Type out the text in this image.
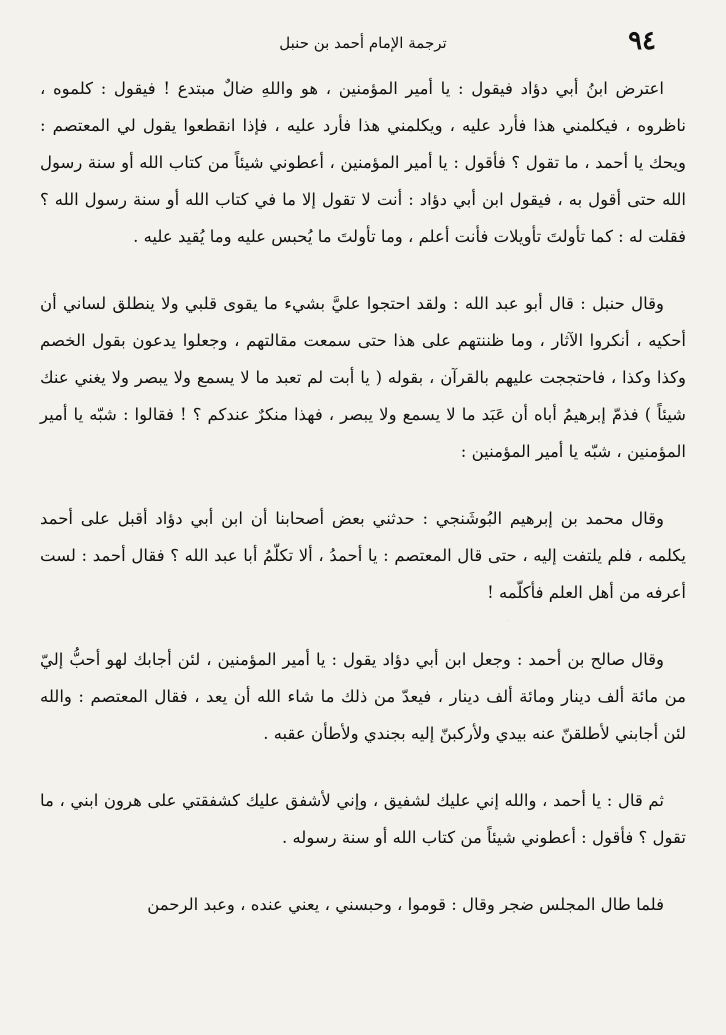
٩٤
ترجمة الإمام أحمد بن حنبل

اعترض ابنُ أبي دؤاد فيقول : يا أمير المؤمنين ، هو واللهِ ضالٌ مبتدع ! فيقول : كلموه ، ناظروه ، فيكلمني هذا فأرد عليه ، ويكلمني هذا فأرد عليه ، فإذا انقطعوا يقول لي المعتصم : ويحك يا أحمد ، ما تقول ؟ فأقول : يا أمير المؤمنين ، أعطوني شيئاً من كتاب الله أو سنة رسول الله حتى أقول به ، فيقول ابن أبي دؤاد : أنت لا تقول إلا ما في كتاب الله أو سنة رسول الله ؟ فقلت له : كما تأولتَ تأويلات فأنت أعلم ، وما تأولتَ ما يُحبس عليه وما يُقيد عليه .

وقال حنبل : قال أبو عبد الله : ولقد احتجوا عليَّ بشيء ما يقوى قلبي ولا ينطلق لساني أن أحكيه ، أنكروا الآثار ، وما ظننتهم على هذا حتى سمعت مقالتهم ، وجعلوا يدعون بقول الخصم وكذا وكذا ، فاحتججت عليهم بالقرآن ، بقوله ( يا أبت لم تعبد ما لا يسمع ولا يبصر ولا يغني عنك شيئاً ) فذمّ إبرهيمُ أباه أن عَبَد ما لا يسمع ولا يبصر ، فهذا منكرٌ عندكم ؟ ! فقالوا : شبّه يا أمير المؤمنين ، شبّه يا أمير المؤمنين :

وقال محمد بن إبرهيم البُوشَنجي : حدثني بعض أصحابنا أن ابن أبي دؤاد أقبل على أحمد يكلمه ، فلم يلتفت إليه ، حتى قال المعتصم : يا أحمدُ ، ألا تكلّمُ أبا عبد الله ؟ فقال أحمد : لست أعرفه من أهل العلم فأكلّمه !

وقال صالح بن أحمد : وجعل ابن أبي دؤاد يقول : يا أمير المؤمنين ، لئن أجابك لهو أحبُّ إليّ من مائة ألف دينار ومائة ألف دينار ، فيعدّ من ذلك ما شاء الله أن يعد ، فقال المعتصم : والله لئن أجابني لأطلقنّ عنه بيدي ولأركبنّ إليه بجندي ولأطأن عقبه .

ثم قال : يا أحمد ، والله إني عليك لشفيق ، وإني لأشفق عليك كشفقتي على هرون ابني ، ما تقول ؟ فأقول : أعطوني شيئاً من كتاب الله أو سنة رسوله .

فلما طال المجلس ضجر وقال : قوموا ، وحبسني ، يعني عنده ، وعبد الرحمن
